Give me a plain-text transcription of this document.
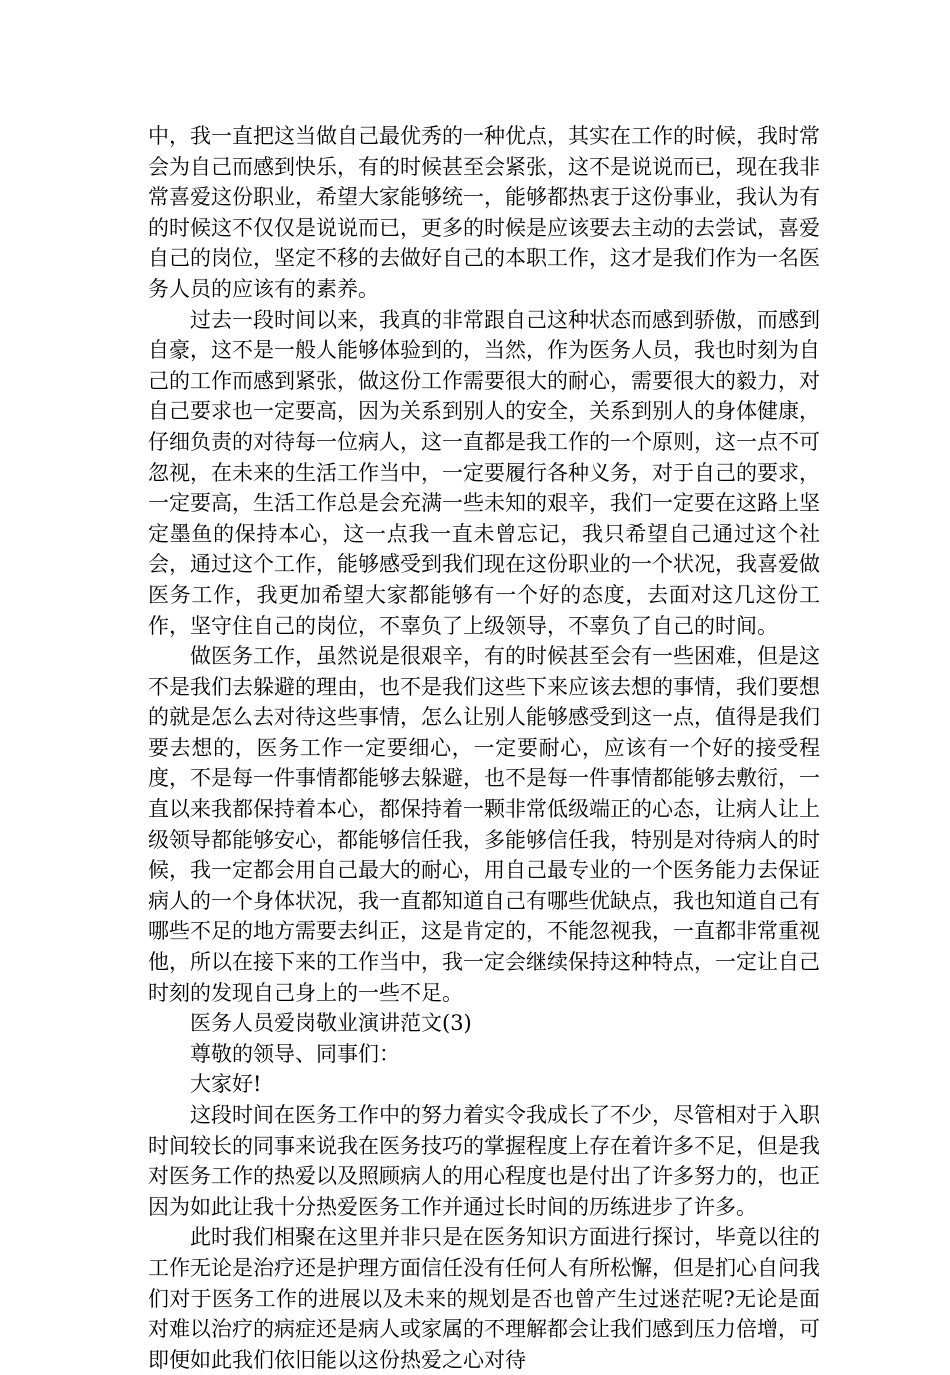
中，我一直把这当做自己最优秀的一种优点，其实在工作的时候，我时常会为自己而感到快乐，有的时候甚至会紧张，这不是说说而已，现在我非常喜爱这份职业，希望大家能够统一，能够都热衷于这份事业，我认为有的时候这不仅仅是说说而已，更多的时候是应该要去主动的去尝试，喜爱自己的岗位，坚定不移的去做好自己的本职工作，这才是我们作为一名医务人员的应该有的素养。

过去一段时间以来，我真的非常跟自己这种状态而感到骄傲，而感到自豪，这不是一般人能够体验到的，当然，作为医务人员，我也时刻为自己的工作而感到紧张，做这份工作需要很大的耐心，需要很大的毅力，对自己要求也一定要高，因为关系到别人的安全，关系到别人的身体健康，仔细负责的对待每一位病人，这一直都是我工作的一个原则，这一点不可忽视，在未来的生活工作当中，一定要履行各种义务，对于自己的要求，一定要高，生活工作总是会充满一些未知的艰辛，我们一定要在这路上坚定墨鱼的保持本心，这一点我一直未曾忘记，我只希望自己通过这个社会，通过这个工作，能够感受到我们现在这份职业的一个状况，我喜爱做医务工作，我更加希望大家都能够有一个好的态度，去面对这几这份工作，坚守住自己的岗位，不辜负了上级领导，不辜负了自己的时间。

做医务工作，虽然说是很艰辛，有的时候甚至会有一些困难，但是这不是我们去躲避的理由，也不是我们这些下来应该去想的事情，我们要想的就是怎么去对待这些事情，怎么让别人能够感受到这一点，值得是我们要去想的，医务工作一定要细心，一定要耐心，应该有一个好的接受程度，不是每一件事情都能够去躲避，也不是每一件事情都能够去敷衍，一直以来我都保持着本心，都保持着一颗非常低级端正的心态，让病人让上级领导都能够安心，都能够信任我，多能够信任我，特别是对待病人的时候，我一定都会用自己最大的耐心，用自己最专业的一个医务能力去保证病人的一个身体状况，我一直都知道自己有哪些优缺点，我也知道自己有哪些不足的地方需要去纠正，这是肯定的，不能忽视我，一直都非常重视他，所以在接下来的工作当中，我一定会继续保持这种特点，一定让自己时刻的发现自己身上的一些不足。

医务人员爱岗敬业演讲范文(3)

尊敬的领导、同事们：

大家好!

这段时间在医务工作中的努力着实令我成长了不少，尽管相对于入职时间较长的同事来说我在医务技巧的掌握程度上存在着许多不足，但是我对医务工作的热爱以及照顾病人的用心程度也是付出了许多努力的，也正因为如此让我十分热爱医务工作并通过长时间的历练进步了许多。

此时我们相聚在这里并非只是在医务知识方面进行探讨，毕竟以往的工作无论是治疗还是护理方面信任没有任何人有所松懈，但是扪心自问我们对于医务工作的进展以及未来的规划是否也曾产生过迷茫呢?无论是面对难以治疗的病症还是病人或家属的不理解都会让我们感到压力倍增，可即便如此我们依旧能以这份热爱之心对待
